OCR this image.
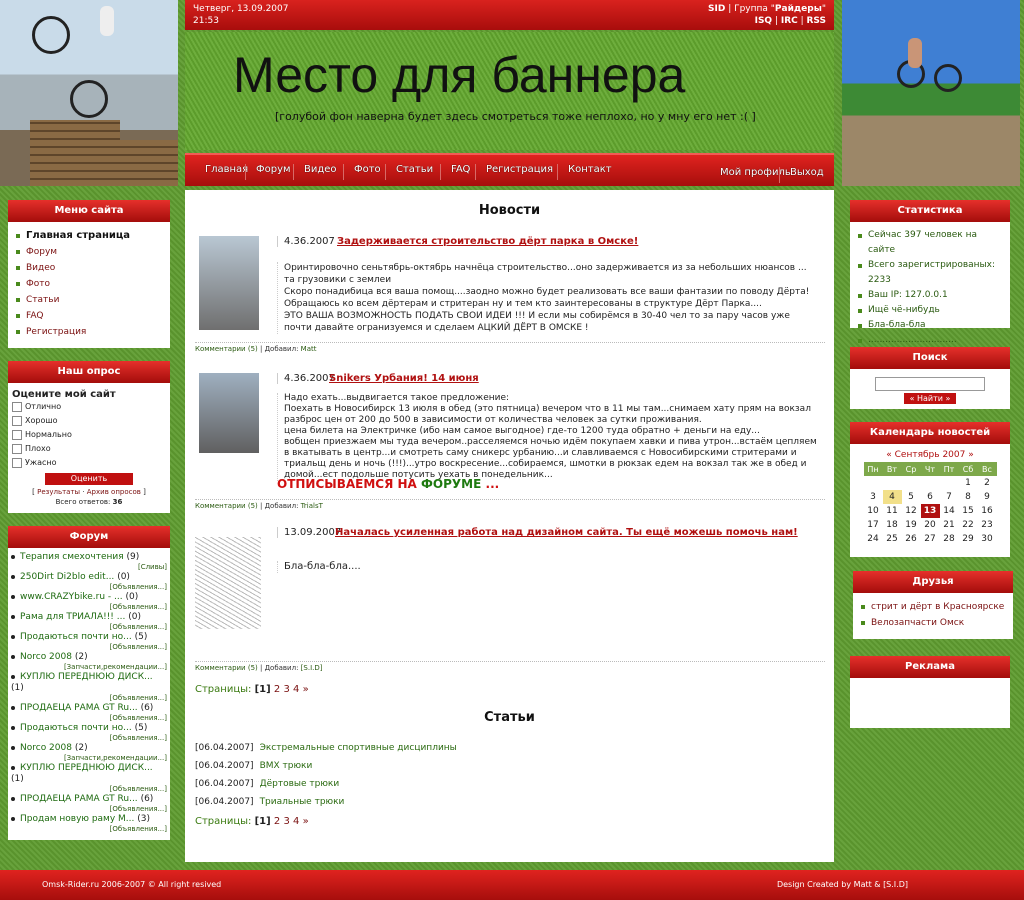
Четверг, 13.09.2007
21:53
SID | Группа "Райдеры"
ISQ | IRC | RSS
Место для баннера

[голубой фон наверна будет здесь смотреться тоже неплохо, но у мну его нет :( ]

Главная Форум	Видео	Фото	Статьи	FAQ	Регистрация	Контакт	Мой профиль Выход
Меню сайта
Главная страница
Форум
Видео
Фото
Статьи
FAQ
Регистрация
Наш опрос
Оцените мой сайт
Отлично
Хорошо
Нормально
Плохо
Ужасно
Оценить
[ Результаты · Архив опросов ]
Всего ответов: 36
Форум
Терапия смехочтения (9)
[Сливы]
250Dirt Di2blo edit... (0)
[Объявления...]
www.CRAZYbike.ru - ... (0)
[Объявления...]
Рама для ТРИАЛА!!! ... (0)
[Объявления...]
Продаються почти но... (5)
[Объявления...]
Norco 2008 (2)
[Запчасти,рекомендации...]
КУПЛЮ ПЕРЕДНЮЮ ДИСК... (1)
[Объявления...]
ПРОДАЕЦА РАМА GT Ru... (6)
[Объявления...]
Продаються почти но... (5)
[Объявления...]
Norco 2008 (2)
[Запчасти,рекомендации...]
КУПЛЮ ПЕРЕДНЮЮ ДИСК... (1)
[Объявления...]
ПРОДАЕЦА РАМА GT Ru... (6)
[Объявления...]
Продам новую раму М... (3)
[Объявления...]
Новости
4.36.2007 Задерживается строительство дёрт парка в Омске!
Оринтировочно сеньтябрь-октябрь начнёца строительство...оно задерживается из за небольших нюансов ... та грузовики с землеи
Скоро понадибица вся ваша помощ....заодно можно будет реализовать все ваши фантазии по поводу Дёрта! Обращаюсь ко всем дёртерам и стритеран ну и тем кто заинтересованы в структуре Дёрт Парка....
ЭТО ВАША ВОЗМОЖНОСТЬ ПОДАТЬ СВОИ ИДЕИ !!! И если мы собирёмся в 30-40 чел то за пару часов уже почти давайте огранизуемся и сделаем АЦКИЙ ДЁРТ В ОМСКЕ !
Комментарии (5) | Добавил: Matt
4.36.2007
Snikers Урбания! 14 июня
Надо ехать...выдвигается такое предложение:
Поехать в Новосибирск 13 июля в обед (это пятница) вечером что в 11 мы там...снимаем хату прям на вокзал разброс цен от 200 до 500 в зависимости от количества человек за сутки проживания.
цена билета на Электричке (ибо нам самое выгодное) где-то 1200 туда обратно + деньги на еду...
вобщен приезжаем мы туда вечером..расселяемся ночью идём покупаем хавки и пива утрон...встаём цепляем в вкатывать в центр...и смотреть саму сникерс урбанию...и славливаемся с Новосибирскими стритерами и триальщ день и ночь (!!!)...утро воскресение...собираемся, шмотки в рюкзак едем на вокзал так же в обед и домой...ест подольше потусить уехать в понедельник...
ОТПИСЫВАЕМСЯ НА ФОРУМЕ ...
Комментарии (5) | Добавил: TrialsT
13.09.2007
Началась усиленная работа над дизайном сайта. Ты ещё можешь помочь нам!
Бла-бла-бла....
Комментарии (5) | Добавил: [S.I.D]
Страницы: [1] 2 3 4 »
Статьи
[06.04.2007] Экстремальные спортивные дисциплины
[06.04.2007] BMX трюки
[06.04.2007] Дёртовые трюки
[06.04.2007] Триальные трюки
Страницы: [1] 2 3 4 »
Статистика
Сейчас 397 человек на сайте
Всего зарегистрированых: 2233
Ваш IP: 127.0.0.1
Ищё чё-нибудь
Бла-бла-бла
...............................
Поиск
« Найти »
Календарь новостей
« Сентябрь 2007 »
Пн	Вт	Ср	Чт	Пт	Сб	Вс
					1	2
3	4	5	6	7	8	9
10	11	12	13	14	15	16
17	18	19	20	21	22	23
24	25	26	27	28	29	30
Друзья
стрит и дёрт в Красноярске
Велозапчасти Омск
Реклама
Omsk-Rider.ru 2006-2007 © All right resived	Design Created by Matt & [S.I.D]
